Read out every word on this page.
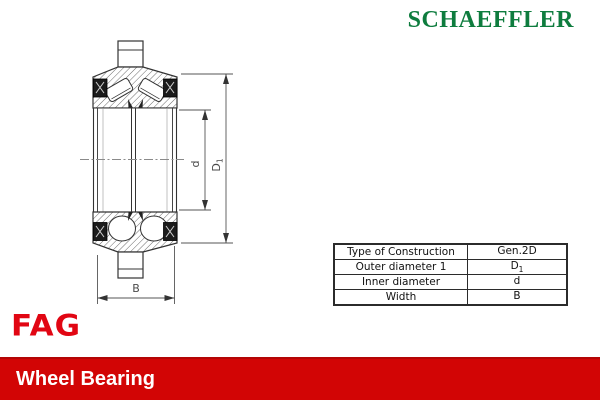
B
d $D_1$
SCHAEFFLER
Type of Construction	Gen.2D
Outer diameter 1	$D_1$
Inner diameter	d
Width	B
FAG
Wheel Bearing
